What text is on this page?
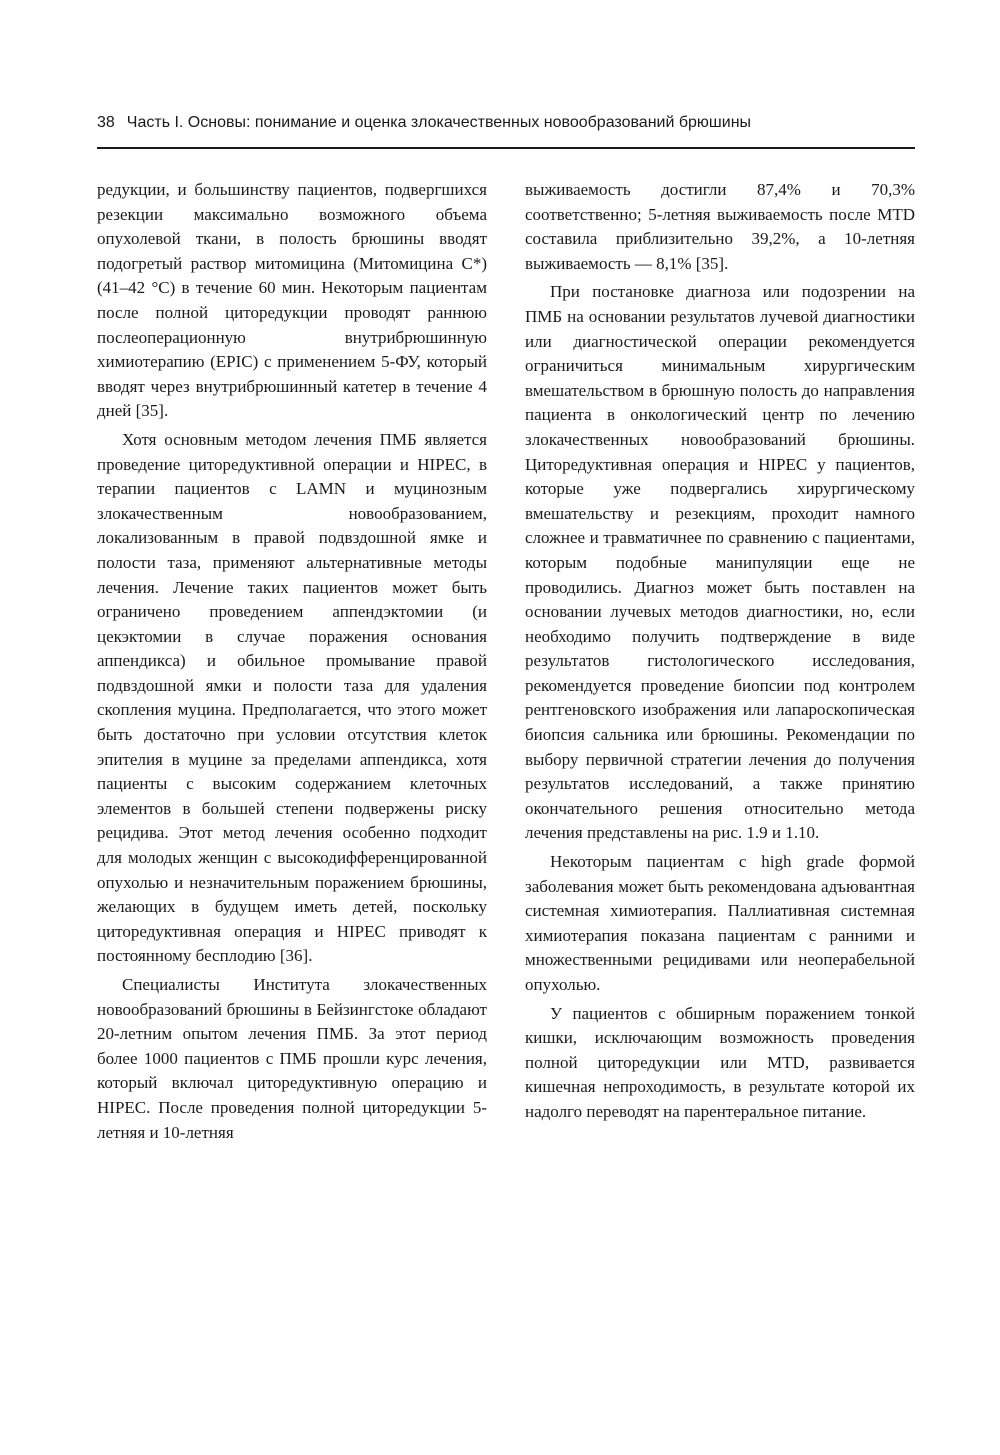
38 Часть I. Основы: понимание и оценка злокачественных новообразований брюшины

редукции, и большинству пациентов, подвергшихся резекции максимально возможного объема опухолевой ткани, в полость брюшины вводят подогретый раствор митомицина (Митомицина С*) (41–42 °С) в течение 60 мин. Некоторым пациентам после полной циторедукции проводят раннюю послеоперационную внутрибрюшинную химиотерапию (EPIC) с применением 5-ФУ, который вводят через внутрибрюшинный катетер в течение 4 дней [35].

Хотя основным методом лечения ПМБ является проведение циторедуктивной операции и HIPEC, в терапии пациентов с LAMN и муцинозным злокачественным новообразованием, локализованным в правой подвздошной ямке и полости таза, применяют альтернативные методы лечения. Лечение таких пациентов может быть ограничено проведением аппендэктомии (и цекэктомии в случае поражения основания аппендикса) и обильное промывание правой подвздошной ямки и полости таза для удаления скопления муцина. Предполагается, что этого может быть достаточно при условии отсутствия клеток эпителия в муцине за пределами аппендикса, хотя пациенты с высоким содержанием клеточных элементов в большей степени подвержены риску рецидива. Этот метод лечения особенно подходит для молодых женщин с высокодифференцированной опухолью и незначительным поражением брюшины, желающих в будущем иметь детей, поскольку циторедуктивная операция и HIPEC приводят к постоянному бесплодию [36].

Специалисты Института злокачественных новообразований брюшины в Бейзингстоке обладают 20-летним опытом лечения ПМБ. За этот период более 1000 пациентов с ПМБ прошли курс лечения, который включал циторедуктивную операцию и HIPEC. После проведения полной циторедукции 5-летняя и 10-летняя

выживаемость достигли 87,4% и 70,3% соответственно; 5-летняя выживаемость после MTD составила приблизительно 39,2%, а 10-летняя выживаемость — 8,1% [35].

При постановке диагноза или подозрении на ПМБ на основании результатов лучевой диагностики или диагностической операции рекомендуется ограничиться минимальным хирургическим вмешательством в брюшную полость до направления пациента в онкологический центр по лечению злокачественных новообразований брюшины. Циторедуктивная операция и HIPEC у пациентов, которые уже подвергались хирургическому вмешательству и резекциям, проходит намного сложнее и травматичнее по сравнению с пациентами, которым подобные манипуляции еще не проводились. Диагноз может быть поставлен на основании лучевых методов диагностики, но, если необходимо получить подтверждение в виде результатов гистологического исследования, рекомендуется проведение биопсии под контролем рентгеновского изображения или лапароскопическая биопсия сальника или брюшины. Рекомендации по выбору первичной стратегии лечения до получения результатов исследований, а также принятию окончательного решения относительно метода лечения представлены на рис. 1.9 и 1.10.

Некоторым пациентам с high grade формой заболевания может быть рекомендована адъювантная системная химиотерапия. Паллиативная системная химиотерапия показана пациентам с ранними и множественными рецидивами или неоперабельной опухолью.

У пациентов с обширным поражением тонкой кишки, исключающим возможность проведения полной циторедукции или MTD, развивается кишечная непроходимость, в результате которой их надолго переводят на парентеральное питание.
